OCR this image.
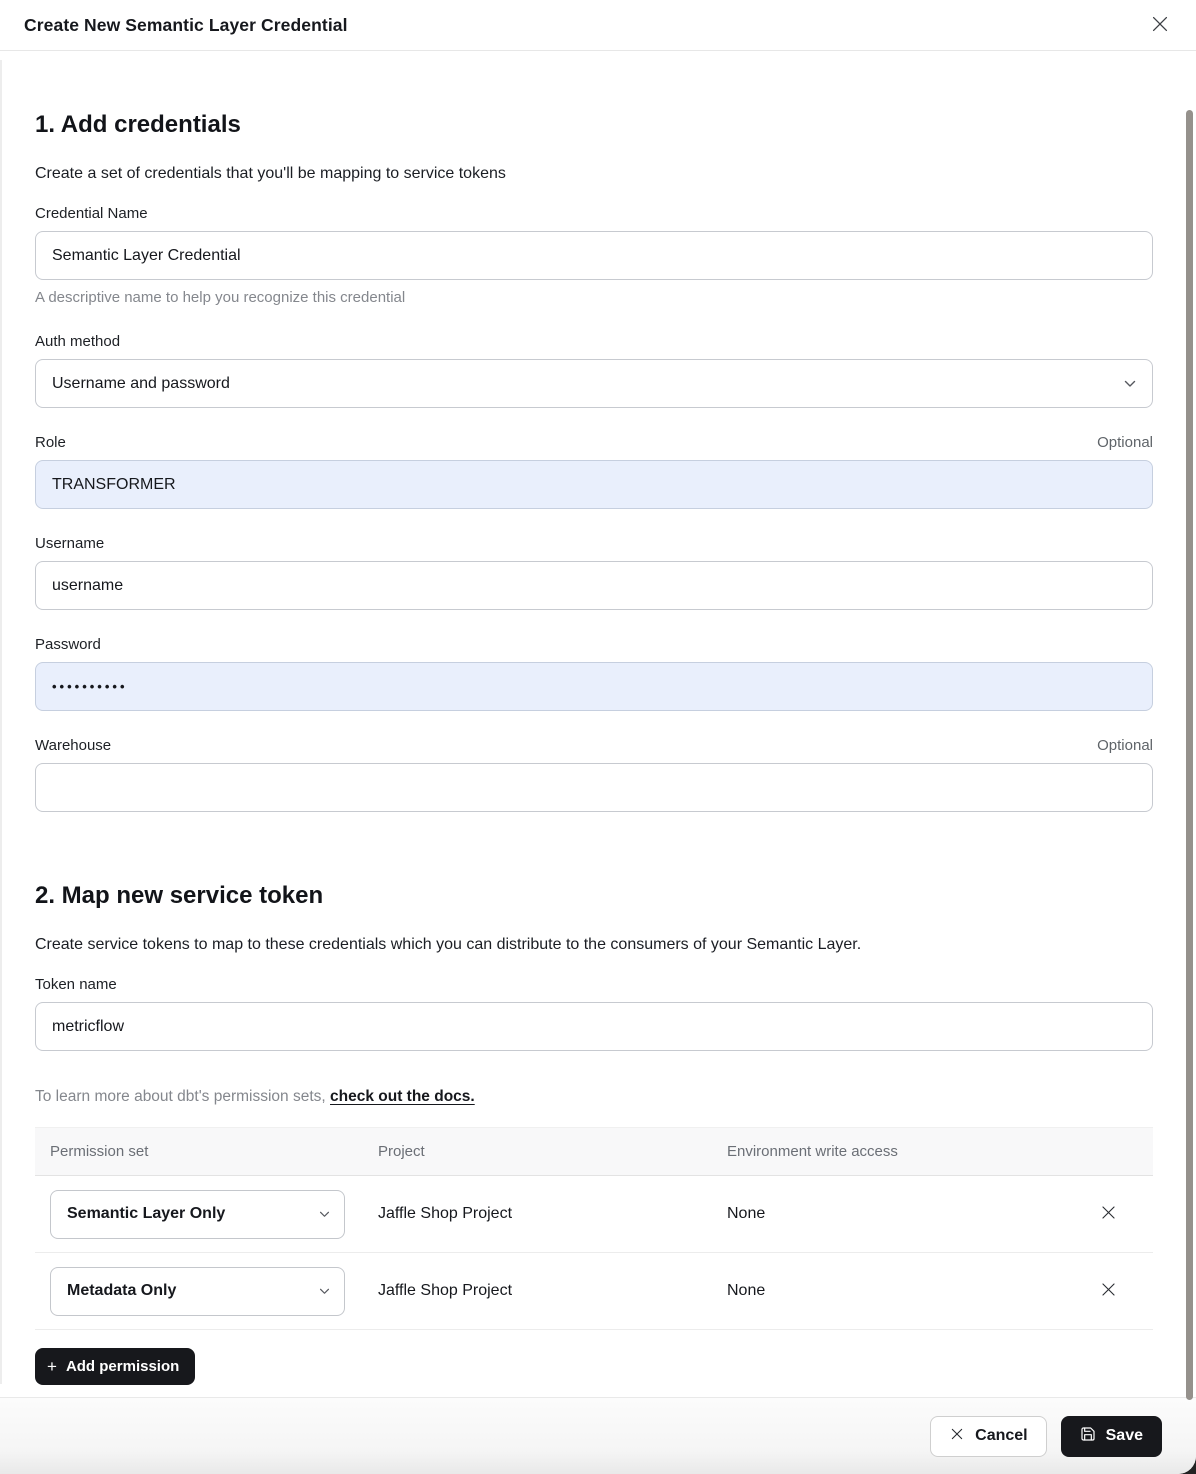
Create New Semantic Layer Credential
1. Add credentials

Create a set of credentials that you'll be mapping to service tokens

Credential Name
Semantic Layer Credential
A descriptive name to help you recognize this credential
Auth method
Username and password
Role	Optional
TRANSFORMER
Username
username
Password
••••••••••
Warehouse	Optional
2. Map new service token

Create service tokens to map to these credentials which you can distribute to the consumers of your Semantic Layer.

Token name
metricflow

To learn more about dbt's permission sets, check out the docs.

Permission set	Project	Environment write access
Semantic Layer Only	Jaffle Shop Project	None
Metadata Only	Jaffle Shop Project	None
+ Add permission
Cancel	Save
